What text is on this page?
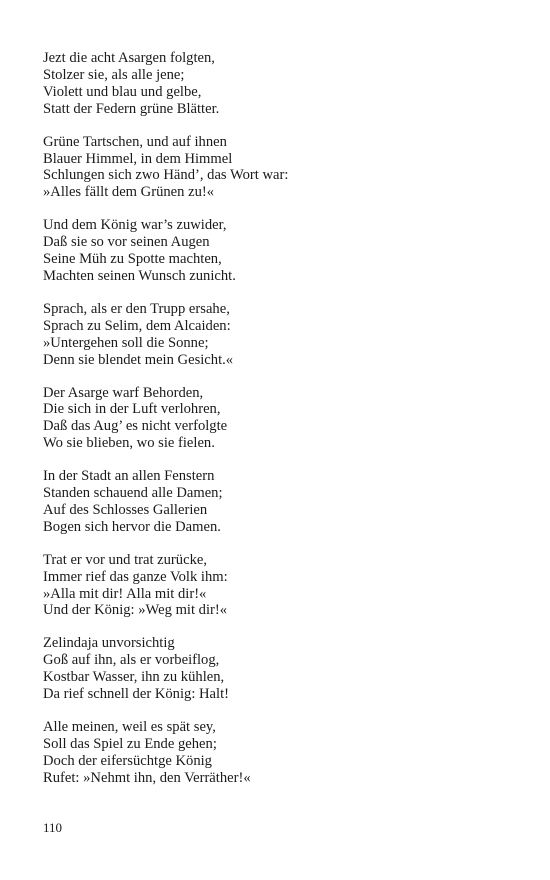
Jezt die acht Asargen folgten,
Stolzer sie, als alle jene;
Violett und blau und gelbe,
Statt der Federn grüne Blätter.
Grüne Tartschen, und auf ihnen
Blauer Himmel, in dem Himmel
Schlungen sich zwo Händ’, das Wort war:
»Alles fällt dem Grünen zu!«
Und dem König war’s zuwider,
Daß sie so vor seinen Augen
Seine Müh zu Spotte machten,
Machten seinen Wunsch zunicht.
Sprach, als er den Trupp ersahe,
Sprach zu Selim, dem Alcaiden:
»Untergehen soll die Sonne;
Denn sie blendet mein Gesicht.«
Der Asarge warf Behorden,
Die sich in der Luft verlohren,
Daß das Aug’ es nicht verfolgte
Wo sie blieben, wo sie fielen.
In der Stadt an allen Fenstern
Standen schauend alle Damen;
Auf des Schlosses Gallerien
Bogen sich hervor die Damen.
Trat er vor und trat zurücke,
Immer rief das ganze Volk ihm:
»Alla mit dir! Alla mit dir!«
Und der König: »Weg mit dir!«
Zelindaja unvorsichtig
Goß auf ihn, als er vorbeiflog,
Kostbar Wasser, ihn zu kühlen,
Da rief schnell der König: Halt!
Alle meinen, weil es spät sey,
Soll das Spiel zu Ende gehen;
Doch der eifersüchtge König
Rufet: »Nehmt ihn, den Verräther!«
110
